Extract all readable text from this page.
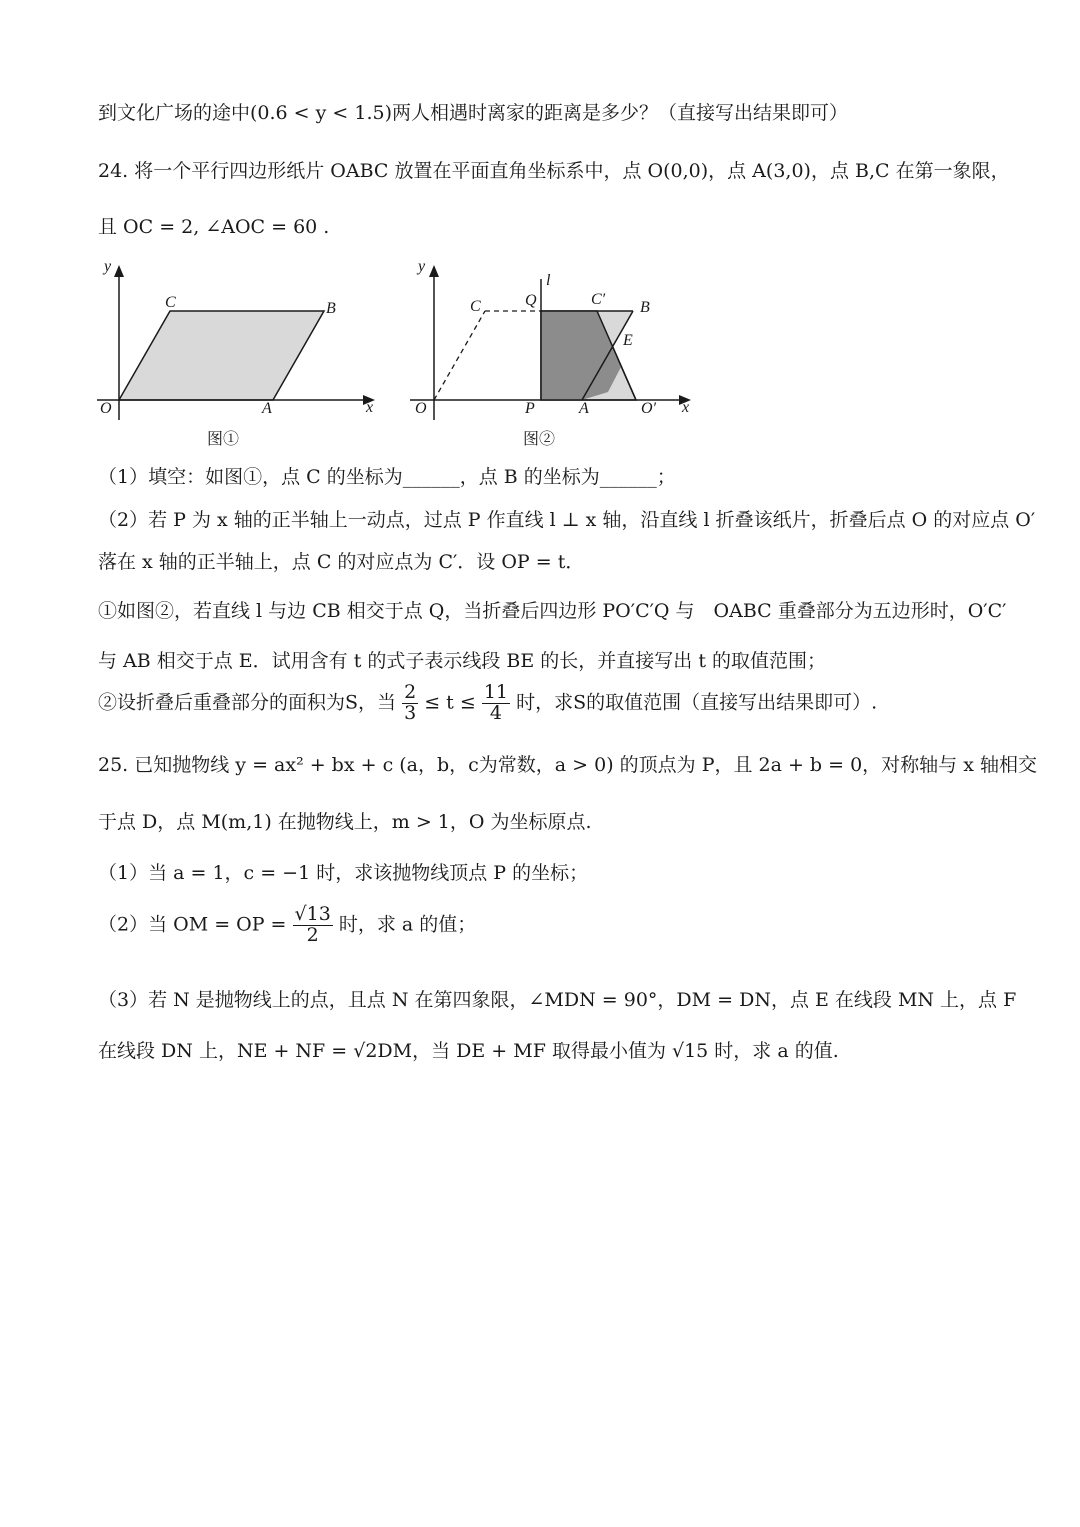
到文化广场的途中(0.6 < y < 1.5)两人相遇时离家的距离是多少？（直接写出结果即可）
24. 将一个平行四边形纸片 OABC 放置在平面直角坐标系中，点 O(0,0)，点 A(3,0)，点 B,C 在第一象限，
且 OC = 2, ∠AOC = 60 .
y
x
O	A
B
C
图①
y
x
O	P	A	O′
C	Q	C′ B
E
l
图②
（1）填空：如图①，点 C 的坐标为______，点 B 的坐标为______；
（2）若 P 为 x 轴的正半轴上一动点，过点 P 作直线 l ⊥ x 轴，沿直线 l 折叠该纸片，折叠后点 O 的对应点 O′
落在 x 轴的正半轴上，点 C 的对应点为 C′．设 OP = t．
①如图②，若直线 l 与边 CB 相交于点 Q，当折叠后四边形 PO′C′Q 与　OABC 重叠部分为五边形时，O′C′
与 AB 相交于点 E．试用含有 t 的式子表示线段 BE 的长，并直接写出 t 的取值范围；
②设折叠后重叠部分的面积为S，当 $\frac{2}{3} \le t \le \frac{11}{4}$ 时，求S的取值范围（直接写出结果即可）.
25. 已知抛物线 y = ax² + bx + c (a，b，c为常数，a > 0) 的顶点为 P，且 2a + b = 0，对称轴与 x 轴相交
于点 D，点 M(m,1) 在抛物线上，m > 1，O 为坐标原点.
（1）当 a = 1，c = −1 时，求该抛物线顶点 P 的坐标；
（2）当 OM = OP = $\frac{√13}{2}$ 时，求 a 的值；
（3）若 N 是抛物线上的点，且点 N 在第四象限，∠MDN = 90°，DM = DN，点 E 在线段 MN 上，点 F
在线段 DN 上，NE + NF = √2DM，当 DE + MF 取得最小值为 √15 时，求 a 的值.
